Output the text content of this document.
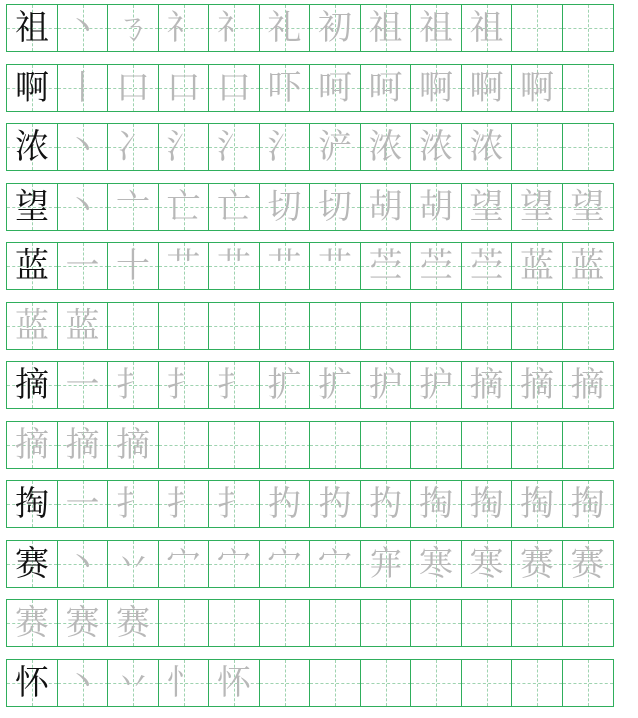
祖 丶 ㄋ 礻 礻 礼 初 祖 祖 祖
啊 丨 口 口 口 吓 呵 呵 啊 啊 啊
浓 丶 冫 氵 氵 氵 浐 浓 浓 浓
望 丶 亠 亡 亡 切 切 胡 胡 望 望 望
蓝 一 十 艹 艹 艹 艹 苎 苎 苎 蓝 蓝
蓝 蓝
摘 一 扌 扌 扌 扩 扩 护 护 摘 摘 摘
摘 摘 摘
掏 一 扌 扌 扌 扚 扚 扚 掏 掏 掏 掏
赛 丶 丷 宀 宀 宀 宀 宑 寒 寒 赛 赛
赛 赛 赛
怀 丶 丷 忄 怀
